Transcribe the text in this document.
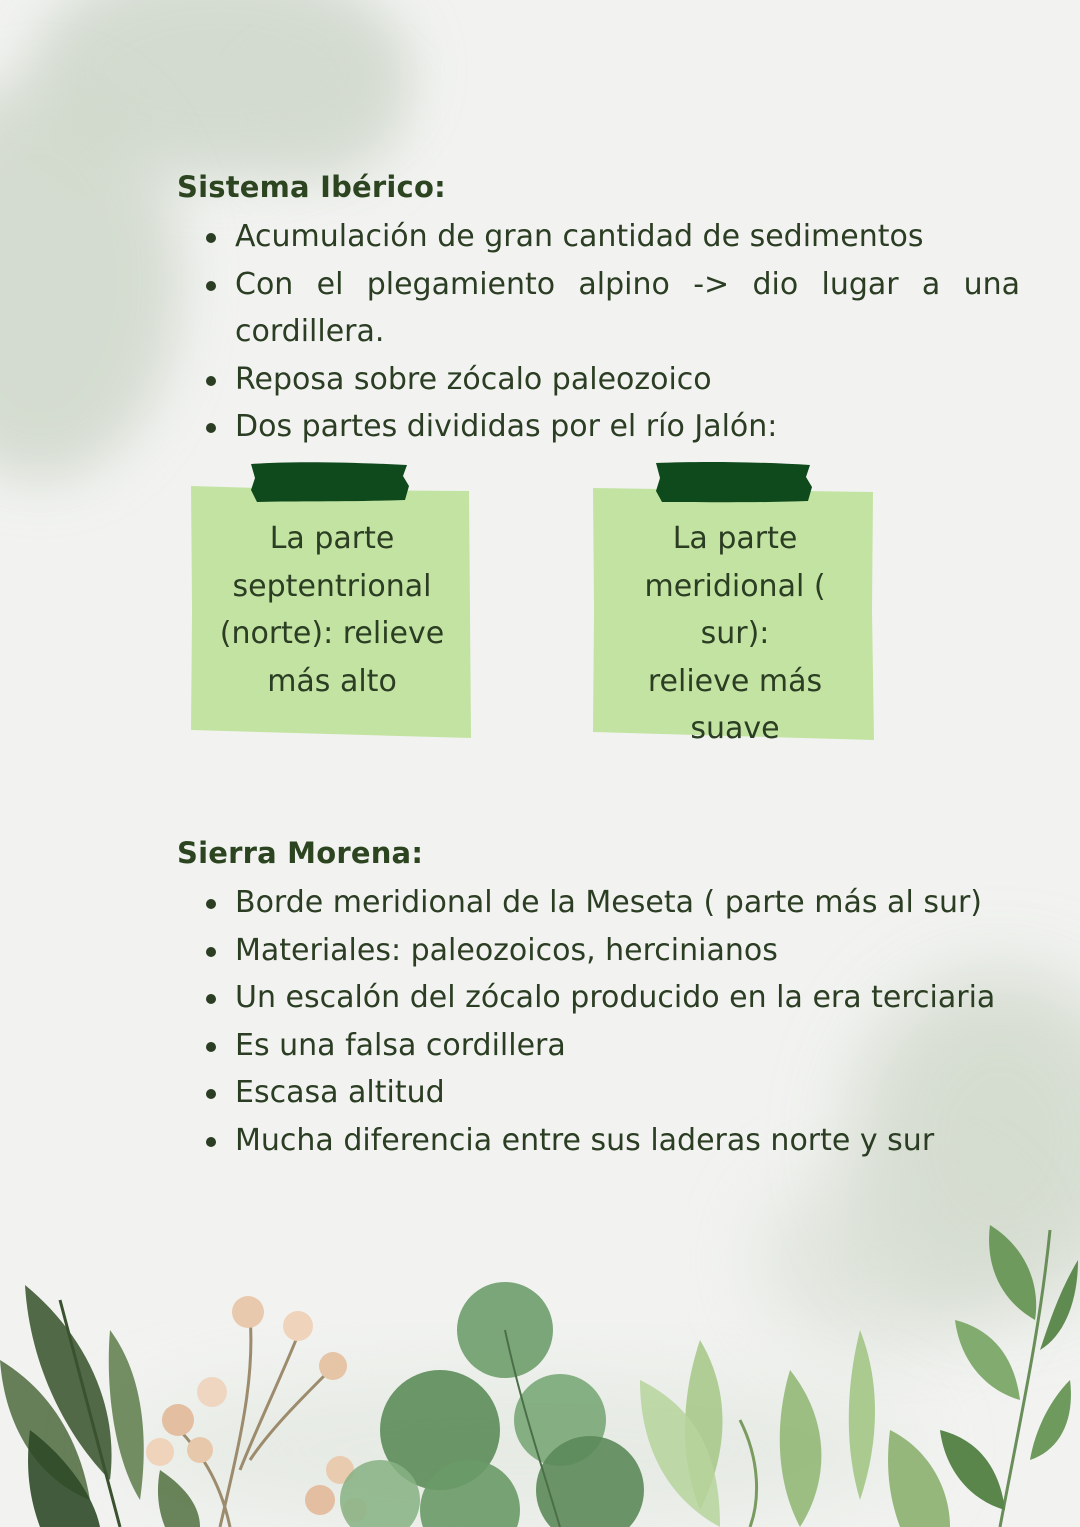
Sistema Ibérico:
Acumulación de gran cantidad de sedimentos
Con el plegamiento alpino -> dio lugar a una
cordillera.
Reposa sobre zócalo paleozoico
Dos partes divididas por el río Jalón:
La parte
septentrional
(norte): relieve
más alto
La parte
meridional ( sur):
relieve más suave
Sierra Morena:
Borde meridional de la Meseta ( parte más al sur)
Materiales: paleozoicos, hercinianos
Un escalón del zócalo producido en la era terciaria
Es una falsa cordillera
Escasa altitud
Mucha diferencia entre sus laderas norte y sur
